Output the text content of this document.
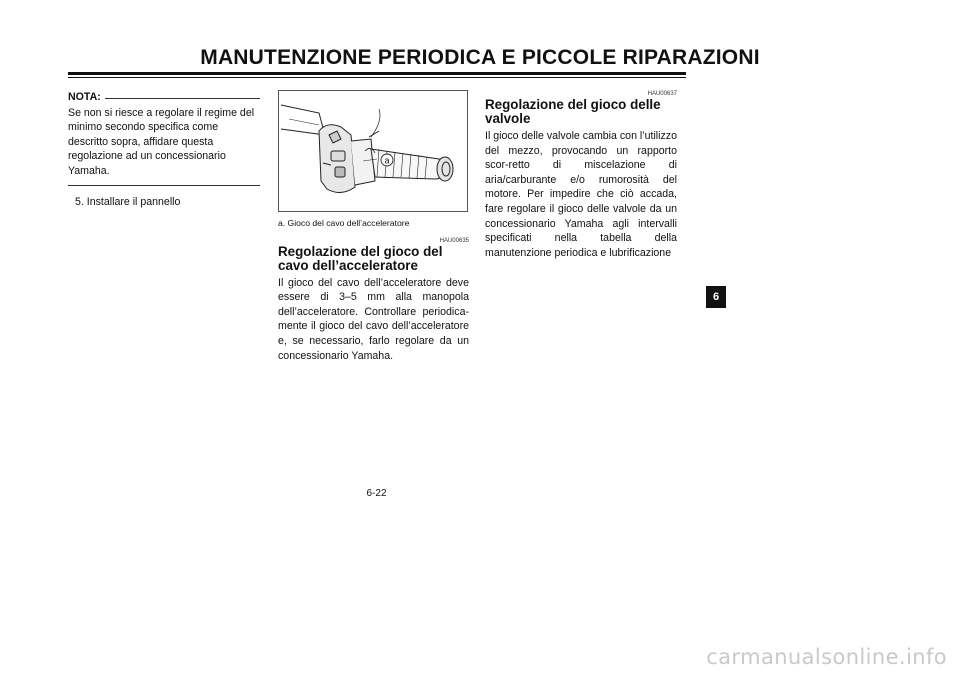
MANUTENZIONE PERIODICA E PICCOLE RIPARAZIONI
NOTA:
Se non si riesce a regolare il regime del minimo secondo specifica come descritto sopra, affidare questa regolazione ad un concessionario Yamaha.
5. Installare il pannello
a
a. Gioco del cavo dell’acceleratore
HAU00635
Regolazione del gioco del cavo dell’acceleratore
Il gioco del cavo dell’acceleratore deve essere di 3–5 mm alla manopola dell’acceleratore. Controllare periodica-mente il gioco del cavo dell’acceleratore e, se necessario, farlo regolare da un concessionario Yamaha.
HAU00637
Regolazione del gioco delle valvole
Il gioco delle valvole cambia con l’utilizzo del mezzo, provocando un rapporto scor-retto di miscelazione di aria/carburante e/o rumorosità del motore. Per impedire che ciò accada, fare regolare il gioco delle valvole da un concessionario Yamaha agli intervalli specificati nella tabella della manutenzione periodica e lubrificazione
6-22
6
carmanualsonline.info
